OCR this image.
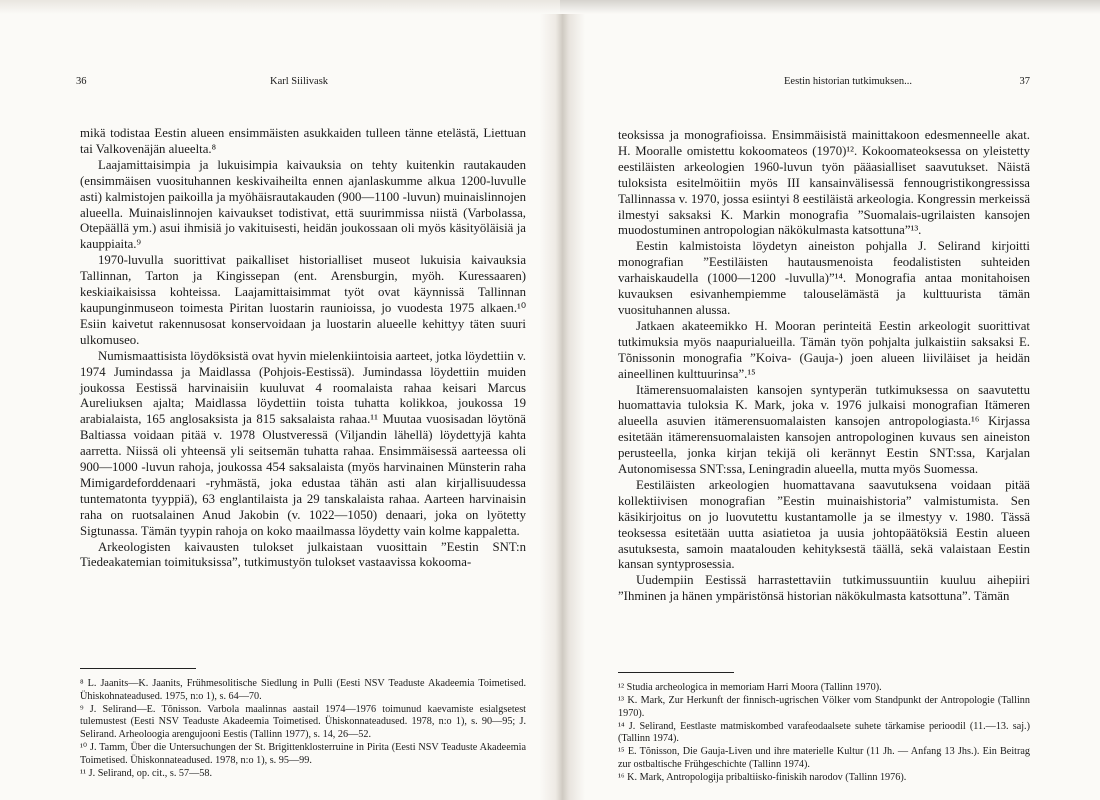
36	Karl Siilivask

mikä todistaa Eestin alueen ensimmäisten asukkaiden tulleen tänne etelästä, Liettuan tai Valkovenäjän alueelta.⁸

Laajamittaisimpia ja lukuisimpia kaivauksia on tehty kuitenkin rautakauden (ensimmäisen vuosituhannen keskivaiheilta ennen ajanlaskumme alkua 1200-luvulle asti) kalmistojen paikoilla ja myöhäisrautakauden (900—1100 -luvun) muinaislinnojen alueella. Muinaislinnojen kaivaukset todistivat, että suurimmissa niistä (Varbolassa, Otepäällä ym.) asui ihmisiä jo vakituisesti, heidän joukossaan oli myös käsityöläisiä ja kauppiaita.⁹

1970-luvulla suorittivat paikalliset historialliset museot lukuisia kaivauksia Tallinnan, Tarton ja Kingissepan (ent. Arensburgin, myöh. Kuressaaren) keskiaikaisissa kohteissa. Laajamittaisimmat työt ovat käynnissä Tallinnan kaupunginmuseon toimesta Piritan luostarin raunioissa, jo vuodesta 1975 alkaen.¹⁰ Esiin kaivetut rakennusosat konservoidaan ja luostarin alueelle kehittyy täten suuri ulkomuseo.

Numismaattisista löydöksistä ovat hyvin mielenkiintoisia aarteet, jotka löydettiin v. 1974 Jumindassa ja Maidlassa (Pohjois-Eestissä). Jumindassa löydettiin muiden joukossa Eestissä harvinaisiin kuuluvat 4 roomalaista rahaa keisari Marcus Aureliuksen ajalta; Maidlassa löydettiin toista tuhatta kolikkoa, joukossa 19 arabialaista, 165 anglosaksista ja 815 saksalaista rahaa.¹¹ Muutaa vuosisadan löytönä Baltiassa voidaan pitää v. 1978 Olustveressä (Viljandin lähellä) löydettyjä kahta aarretta. Niissä oli yhteensä yli seitsemän tuhatta rahaa. Ensimmäisessä aarteessa oli 900—1000 -luvun rahoja, joukossa 454 saksalaista (myös harvinainen Münsterin raha Mimigardeforddenaari -ryhmästä, joka edustaa tähän asti alan kirjallisuudessa tuntematonta tyyppiä), 63 englantilaista ja 29 tanskalaista rahaa. Aarteen harvinaisin raha on ruotsalainen Anud Jakobin (v. 1022—1050) denaari, joka on lyötetty Sigtunassa. Tämän tyypin rahoja on koko maailmassa löydetty vain kolme kappaletta.

Arkeologisten kaivausten tulokset julkaistaan vuosittain ”Eestin SNT:n Tiedeakatemian toimituksissa”, tutkimustyön tulokset vastaavissa kokooma-

⁸ L. Jaanits—K. Jaanits, Frühmesolitische Siedlung in Pulli (Eesti NSV Teaduste Akadeemia Toimetised. Ühiskohnateadused. 1975, n:o 1), s. 64—70.

⁹ J. Selirand—E. Tõnisson. Varbola maalinnas aastail 1974—1976 toimunud kaevamiste esialgsetest tulemustest (Eesti NSV Teaduste Akadeemia Toimetised. Ühiskonnateadused. 1978, n:o 1), s. 90—95; J. Selirand. Arheoloogia arengujooni Eestis (Tallinn 1977), s. 14, 26—52.

¹⁰ J. Tamm, Über die Untersuchungen der St. Brigittenklosterruine in Pirita (Eesti NSV Teaduste Akadeemia Toimetised. Ühiskonnateadused. 1978, n:o 1), s. 95—99.

¹¹ J. Selirand, op. cit., s. 57—58.

Eestin historian tutkimuksen...	37

teoksissa ja monografioissa. Ensimmäisistä mainittakoon edesmenneelle akat. H. Mooralle omistettu kokoomateos (1970)¹². Kokoomateoksessa on yleistetty eestiläisten arkeologien 1960-luvun työn pääasialliset saavutukset. Näistä tuloksista esitelmöitiin myös III kansainvälisessä fennougristikongressissa Tallinnassa v. 1970, jossa esiintyi 8 eestiläistä arkeologia. Kongressin merkeissä ilmestyi saksaksi K. Markin monografia ”Suomalais-ugrilaisten kansojen muodostuminen antropologian näkökulmasta katsottuna”¹³.

Eestin kalmistoista löydetyn aineiston pohjalla J. Selirand kirjoitti monografian ”Eestiläisten hautausmenoista feodalististen suhteiden varhaiskaudella (1000—1200 -luvulla)”¹⁴. Monografia antaa monitahoisen kuvauksen esivanhempiemme talouselämästä ja kulttuurista tämän vuosituhannen alussa.

Jatkaen akateemikko H. Mooran perinteitä Eestin arkeologit suorittivat tutkimuksia myös naapurialueilla. Tämän työn pohjalta julkaistiin saksaksi E. Tõnissonin monografia ”Koiva- (Gauja-) joen alueen liiviläiset ja heidän aineellinen kulttuurinsa”.¹⁵

Itämerensuomalaisten kansojen syntyperän tutkimuksessa on saavutettu huomattavia tuloksia K. Mark, joka v. 1976 julkaisi monografian Itämeren alueella asuvien itämerensuomalaisten kansojen antropologiasta.¹⁶ Kirjassa esitetään itämerensuomalaisten kansojen antropologinen kuvaus sen aineiston perusteella, jonka kirjan tekijä oli kerännyt Eestin SNT:ssa, Karjalan Autonomisessa SNT:ssa, Leningradin alueella, mutta myös Suomessa.

Eestiläisten arkeologien huomattavana saavutuksena voidaan pitää kollektiivisen monografian ”Eestin muinaishistoria” valmistumista. Sen käsikirjoitus on jo luovutettu kustantamolle ja se ilmestyy v. 1980. Tässä teoksessa esitetään uutta asiatietoa ja uusia johtopäätöksiä Eestin alueen asutuksesta, samoin maatalouden kehityksestä täällä, sekä valaistaan Eestin kansan syntyprosessia.

Uudempiin Eestissä harrastettaviin tutkimussuuntiin kuuluu aihepiiri ”Ihminen ja hänen ympäristönsä historian näkökulmasta katsottuna”. Tämän

¹² Studia archeologica in memoriam Harri Moora (Tallinn 1970).

¹³ K. Mark, Zur Herkunft der finnisch-ugrischen Völker vom Standpunkt der Antropologie (Tallinn 1970).

¹⁴ J. Selirand, Eestlaste matmiskombed varafeodaalsete suhete tärkamise perioodil (11.—13. saj.) (Tallinn 1974).

¹⁵ E. Tõnisson, Die Gauja-Liven und ihre materielle Kultur (11 Jh. — Anfang 13 Jhs.). Ein Beitrag zur ostbaltische Frühgeschichte (Tallinn 1974).

¹⁶ K. Mark, Antropologija pribaltiisko-finiskih narodov (Tallinn 1976).
